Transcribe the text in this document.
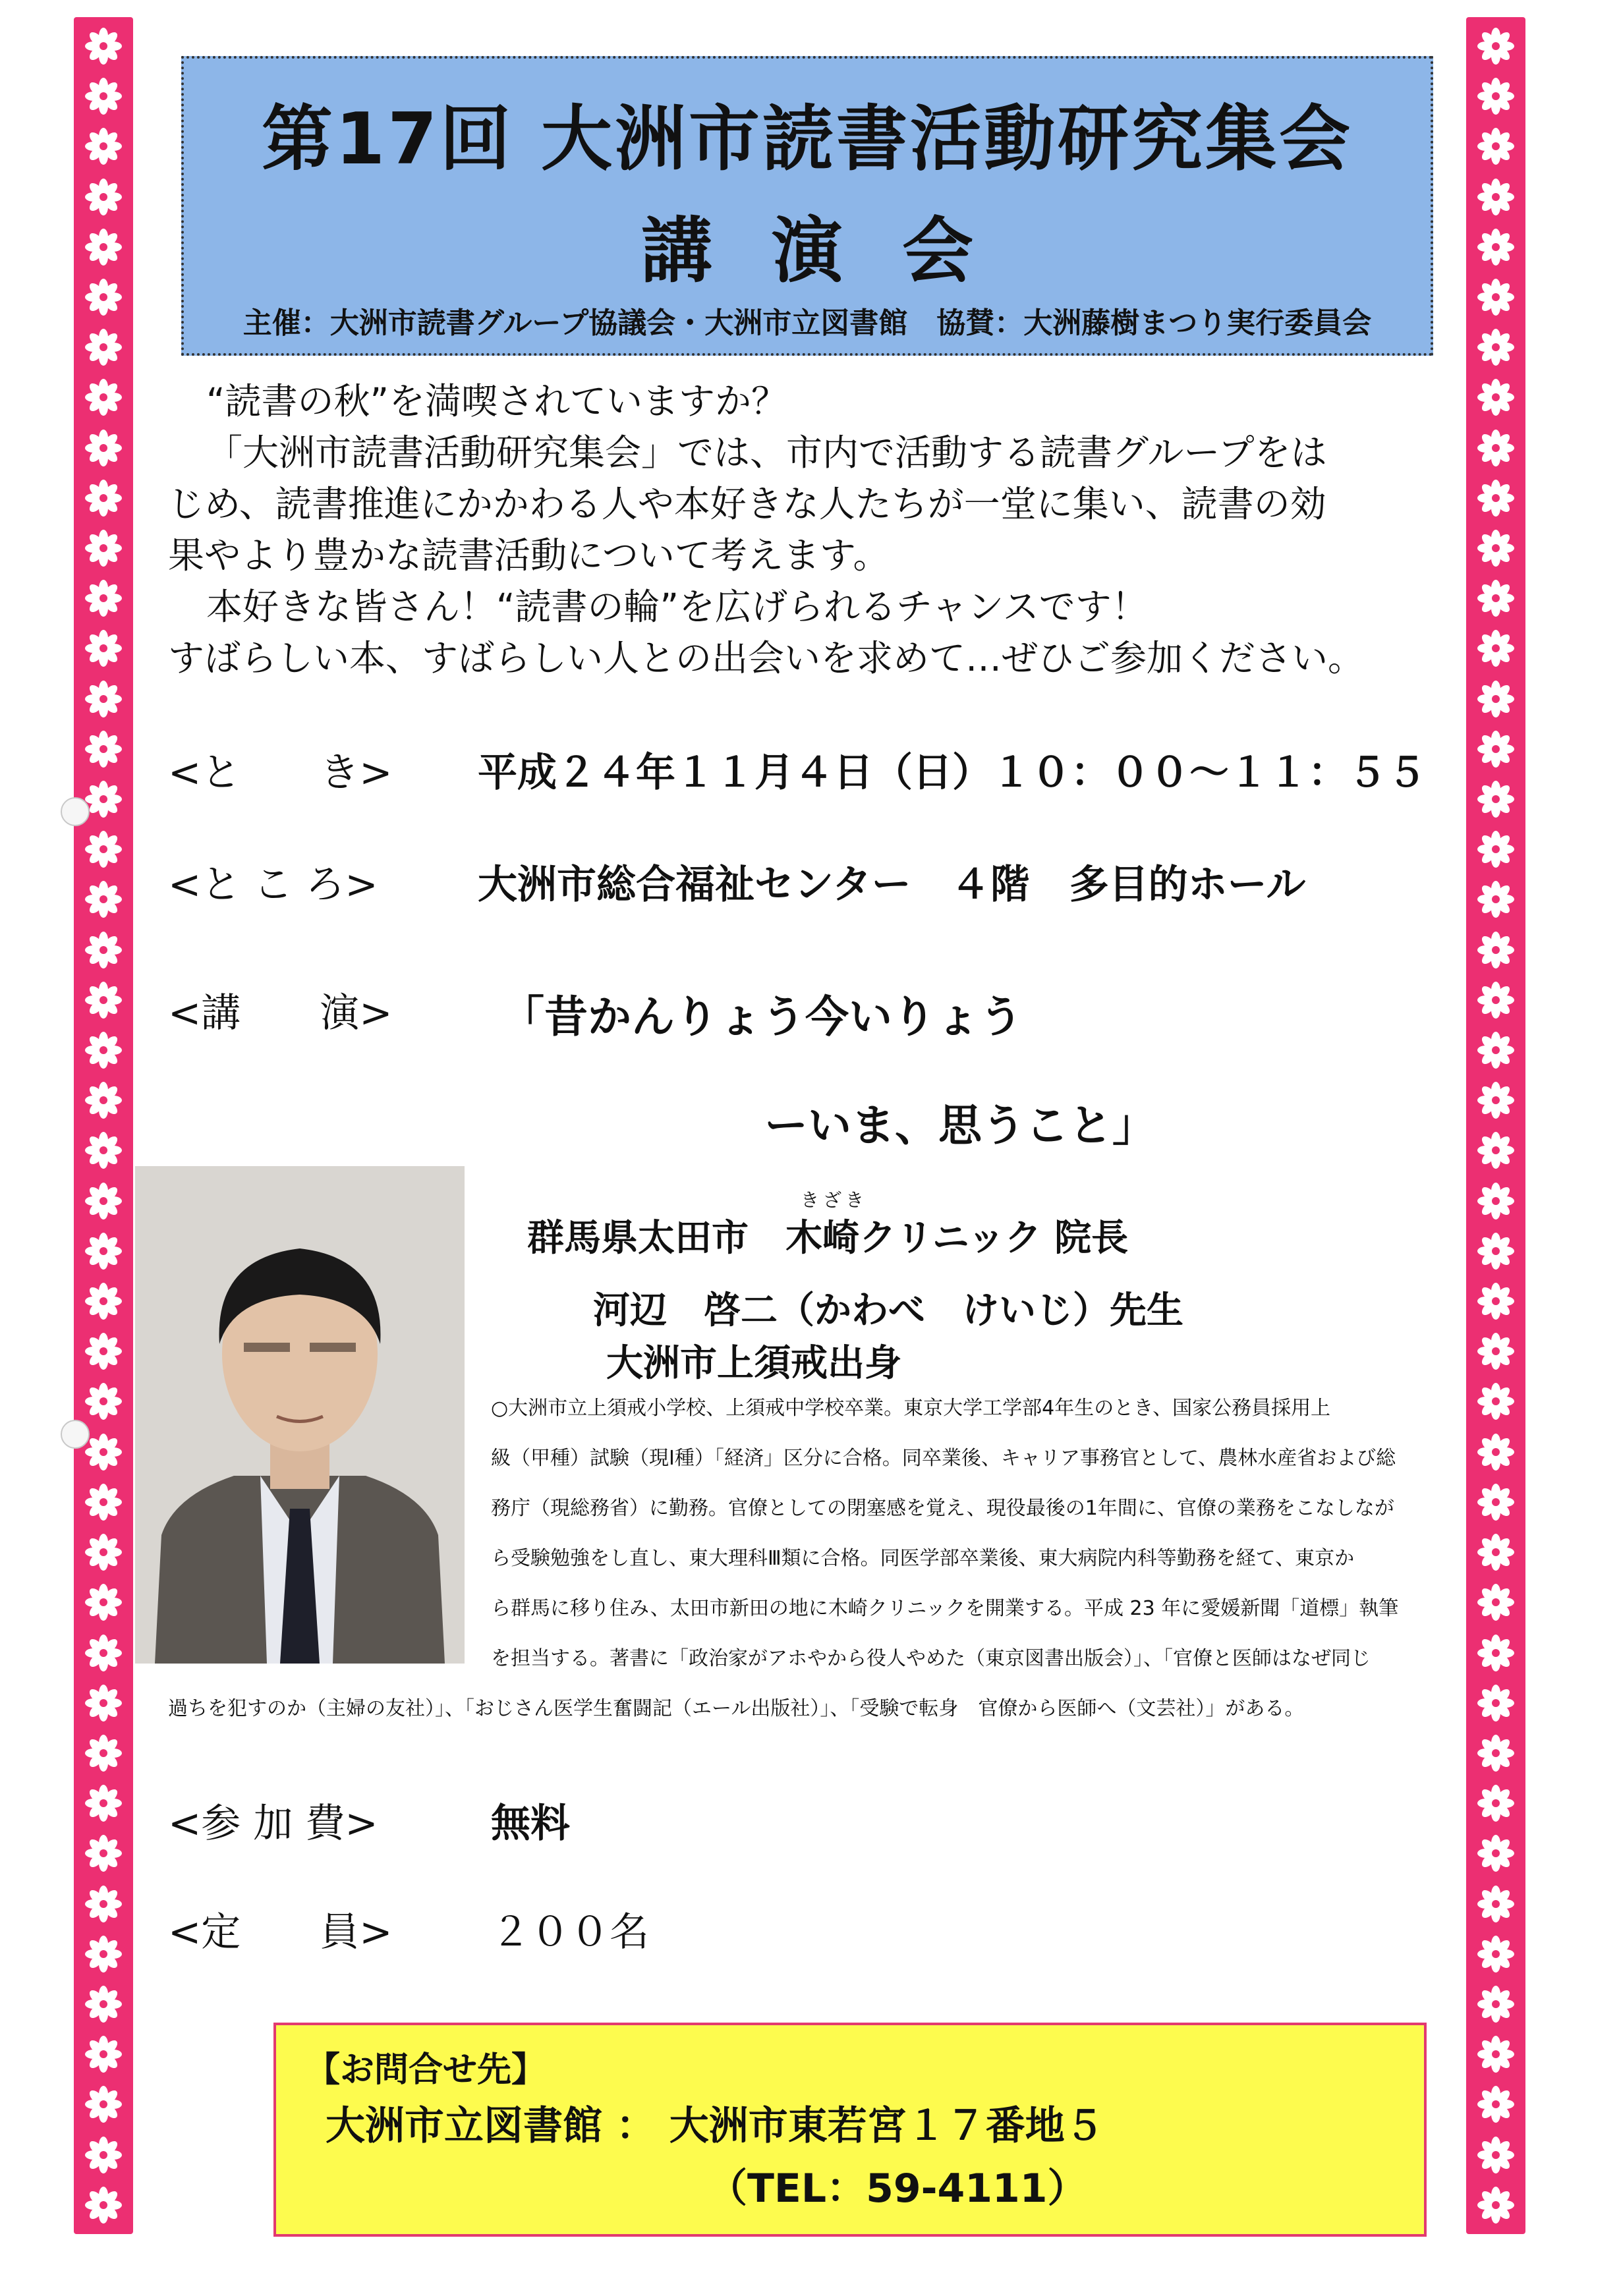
第17回 大洲市読書活動研究集会
講演会
主催：大洲市読書グループ協議会・大洲市立図書館　協賛：大洲藤樹まつり実行委員会

“読書の秋”を満喫されていますか？

「大洲市読書活動研究集会」では、市内で活動する読書グループをは

じめ、読書推進にかかわる人や本好きな人たちが一堂に集い、読書の効

果やより豊かな読書活動について考えます。

本好きな皆さん！“読書の輪”を広げられるチャンスです！

すばらしい本、すばらしい人との出会いを求めて…ぜひご参加ください。

<と　　き> 平成２４年１１月４日（日）１０：００～１１：５５
<と こ ろ>	大洲市総合福祉センター　４階　多目的ホール
<講　　演>	「昔かんりょう今いりょう
ーいま、思うこと」
きざき
群馬県太田市　木崎クリニック 院長
河辺　啓二（かわべ　けいじ）先生
大洲市上須戒出身
○大洲市立上須戒小学校、上須戒中学校卒業。東京大学工学部4年生のとき、国家公務員採用上
級（甲種）試験（現Ⅰ種）「経済」区分に合格。同卒業後、キャリア事務官として、農林水産省および総
務庁（現総務省）に勤務。官僚としての閉塞感を覚え、現役最後の1年間に、官僚の業務をこなしなが
ら受験勉強をし直し、東大理科Ⅲ類に合格。同医学部卒業後、東大病院内科等勤務を経て、東京か
ら群馬に移り住み、太田市新田の地に木崎クリニックを開業する。平成 23 年に愛媛新聞「道標」執筆
を担当する。著書に「政治家がアホやから役人やめた（東京図書出版会）」、「官僚と医師はなぜ同じ
過ちを犯すのか（主婦の友社）」、「おじさん医学生奮闘記（エール出版社）」、「受験で転身　官僚から医師へ（文芸社）」がある。
<参 加 費>	無料
<定　　員> ２００名
【お問合せ先】
大洲市立図書館 ： 大洲市東若宮１７番地５
（TEL：59-4111）
